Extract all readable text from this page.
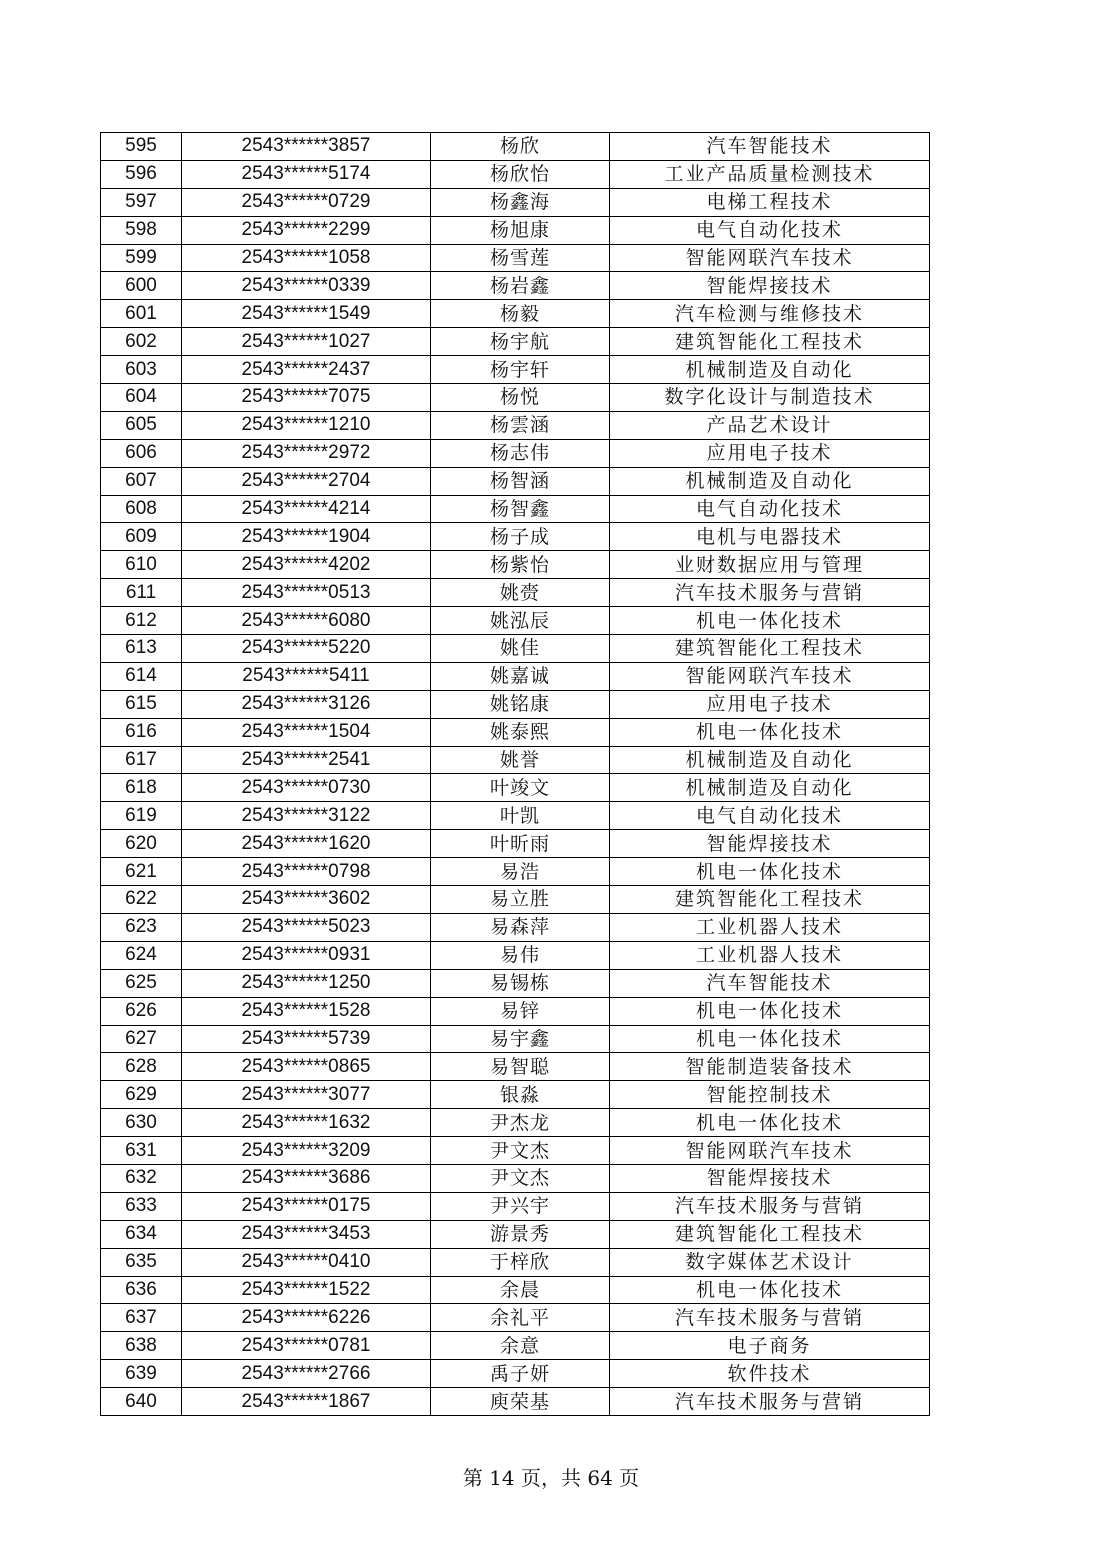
595	2543******3857	杨欣	汽车智能技术
596	2543******5174	杨欣怡	工业产品质量检测技术
597	2543******0729	杨鑫海	电梯工程技术
598	2543******2299	杨旭康	电气自动化技术
599	2543******1058	杨雪莲	智能网联汽车技术
600	2543******0339	杨岩鑫	智能焊接技术
601	2543******1549	杨毅	汽车检测与维修技术
602	2543******1027	杨宇航	建筑智能化工程技术
603	2543******2437	杨宇轩	机械制造及自动化
604	2543******7075	杨悦	数字化设计与制造技术
605	2543******1210	杨雲涵	产品艺术设计
606	2543******2972	杨志伟	应用电子技术
607	2543******2704	杨智涵	机械制造及自动化
608	2543******4214	杨智鑫	电气自动化技术
609	2543******1904	杨子成	电机与电器技术
610	2543******4202	杨紫怡	业财数据应用与管理
611	2543******0513	姚赍	汽车技术服务与营销
612	2543******6080	姚泓辰	机电一体化技术
613	2543******5220	姚佳	建筑智能化工程技术
614	2543******5411	姚嘉诚	智能网联汽车技术
615	2543******3126	姚铭康	应用电子技术
616	2543******1504	姚泰熙	机电一体化技术
617	2543******2541	姚誉	机械制造及自动化
618	2543******0730	叶竣文	机械制造及自动化
619	2543******3122	叶凯	电气自动化技术
620	2543******1620	叶昕雨	智能焊接技术
621	2543******0798	易浩	机电一体化技术
622	2543******3602	易立胜	建筑智能化工程技术
623	2543******5023	易森萍	工业机器人技术
624	2543******0931	易伟	工业机器人技术
625	2543******1250	易锡栋	汽车智能技术
626	2543******1528	易锌	机电一体化技术
627	2543******5739	易宇鑫	机电一体化技术
628	2543******0865	易智聪	智能制造装备技术
629	2543******3077	银淼	智能控制技术
630	2543******1632	尹杰龙	机电一体化技术
631	2543******3209	尹文杰	智能网联汽车技术
632	2543******3686	尹文杰	智能焊接技术
633	2543******0175	尹兴宇	汽车技术服务与营销
634	2543******3453	游景秀	建筑智能化工程技术
635	2543******0410	于梓欣	数字媒体艺术设计
636	2543******1522	余晨	机电一体化技术
637	2543******6226	余礼平	汽车技术服务与营销
638	2543******0781	余意	电子商务
639	2543******2766	禹子妍	软件技术
640	2543******1867	庾荣基	汽车技术服务与营销
第 14 页，共 64 页
